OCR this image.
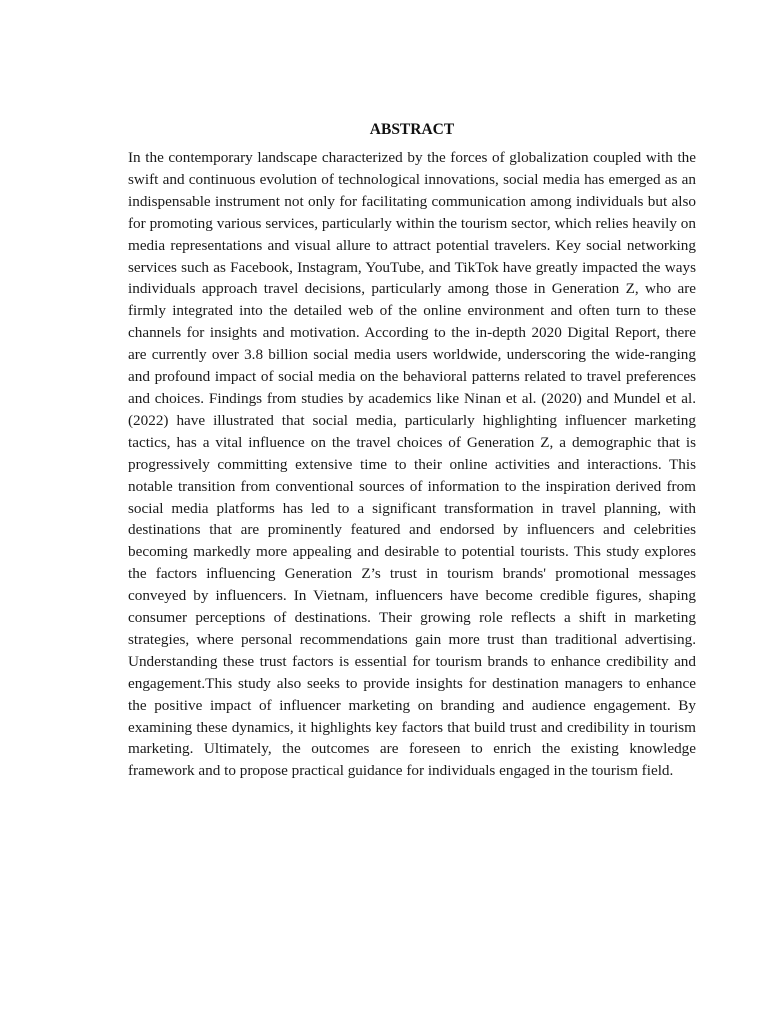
ABSTRACT

In the contemporary landscape characterized by the forces of globalization coupled with the swift and continuous evolution of technological innovations, social media has emerged as an indispensable instrument not only for facilitating communication among individuals but also for promoting various services, particularly within the tourism sector, which relies heavily on media representations and visual allure to attract potential travelers. Key social networking services such as Facebook, Instagram, YouTube, and TikTok have greatly impacted the ways individuals approach travel decisions, particularly among those in Generation Z, who are firmly integrated into the detailed web of the online environment and often turn to these channels for insights and motivation. According to the in-depth 2020 Digital Report, there are currently over 3.8 billion social media users worldwide, underscoring the wide-ranging and profound impact of social media on the behavioral patterns related to travel preferences and choices. Findings from studies by academics like Ninan et al. (2020) and Mundel et al. (2022) have illustrated that social media, particularly highlighting influencer marketing tactics, has a vital influence on the travel choices of Generation Z, a demographic that is progressively committing extensive time to their online activities and interactions. This notable transition from conventional sources of information to the inspiration derived from social media platforms has led to a significant transformation in travel planning, with destinations that are prominently featured and endorsed by influencers and celebrities becoming markedly more appealing and desirable to potential tourists. This study explores the factors influencing Generation Z’s trust in tourism brands' promotional messages conveyed by influencers. In Vietnam, influencers have become credible figures, shaping consumer perceptions of destinations. Their growing role reflects a shift in marketing strategies, where personal recommendations gain more trust than traditional advertising. Understanding these trust factors is essential for tourism brands to enhance credibility and engagement.This study also seeks to provide insights for destination managers to enhance the positive impact of influencer marketing on branding and audience engagement. By examining these dynamics, it highlights key factors that build trust and credibility in tourism marketing. Ultimately, the outcomes are foreseen to enrich the existing knowledge framework and to propose practical guidance for individuals engaged in the tourism field.
